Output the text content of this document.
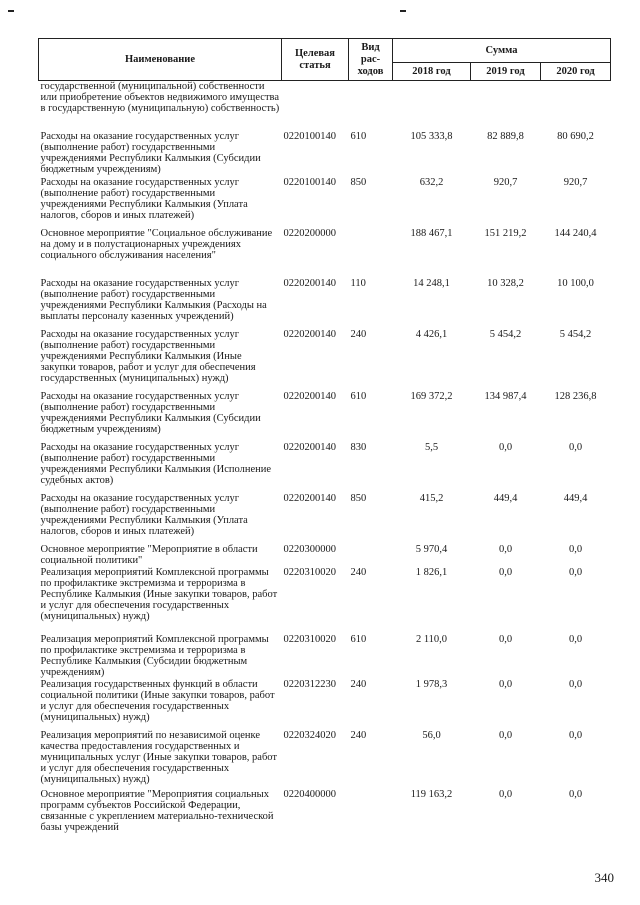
Наименование	Целевая статья	Вид рас-ходов	Сумма		
			2018 год	2019 год	2020 год
государственной (муниципальной) собственности или приобретение объектов недвижимого имущества в государственную (муниципальную) собственность)					
Расходы на оказание государственных услуг (выполнение работ) государственными учреждениями Республики Калмыкия (Субсидии бюджетным учреждениям)	0220100140	610	105 333,8	82 889,8	80 690,2
Расходы на оказание государственных услуг (выполнение работ) государственными учреждениями Республики Калмыкия (Уплата налогов, сборов и иных платежей)	0220100140	850	632,2	920,7	920,7
Основное мероприятие "Социальное обслуживание на дому и в полустационарных учреждениях социального обслуживания населения"	0220200000		188 467,1	151 219,2	144 240,4
Расходы на оказание государственных услуг (выполнение работ) государственными учреждениями Республики Калмыкия (Расходы на выплаты персоналу казенных учреждений)	0220200140	110	14 248,1	10 328,2	10 100,0
Расходы на оказание государственных услуг (выполнение работ) государственными учреждениями Республики Калмыкия (Иные закупки товаров, работ и услуг для обеспечения государственных (муниципальных) нужд)	0220200140	240	4 426,1	5 454,2	5 454,2
Расходы на оказание государственных услуг (выполнение работ) государственными учреждениями Республики Калмыкия (Субсидии бюджетным учреждениям)	0220200140	610	169 372,2	134 987,4	128 236,8
Расходы на оказание государственных услуг (выполнение работ) государственными учреждениями Республики Калмыкия (Исполнение судебных актов)	0220200140	830	5,5	0,0	0,0
Расходы на оказание государственных услуг (выполнение работ) государственными учреждениями Республики Калмыкия (Уплата налогов, сборов и иных платежей)	0220200140	850	415,2	449,4	449,4
Основное мероприятие "Мероприятие в области социальной политики"	0220300000		5 970,4	0,0	0,0
Реализация мероприятий Комплексной программы по профилактике экстремизма и терроризма в Республике Калмыкия (Иные закупки товаров, работ и услуг для обеспечения государственных (муниципальных) нужд)	0220310020	240	1 826,1	0,0	0,0
Реализация мероприятий Комплексной программы по профилактике экстремизма и терроризма в Республике Калмыкия (Субсидии бюджетным учреждениям)	0220310020	610	2 110,0	0,0	0,0
Реализация государственных функций в области социальной политики (Иные закупки товаров, работ и услуг для обеспечения государственных (муниципальных) нужд)	0220312230	240	1 978,3	0,0	0,0
Реализация мероприятий по независимой оценке качества предоставления государственных и муниципальных услуг (Иные закупки товаров, работ и услуг для обеспечения государственных (муниципальных) нужд)	0220324020	240	56,0	0,0	0,0
Основное мероприятие "Мероприятия социальных программ субъектов Российской Федерации, связанные с укреплением материально-технической базы учреждений	0220400000		119 163,2	0,0	0,0
340
